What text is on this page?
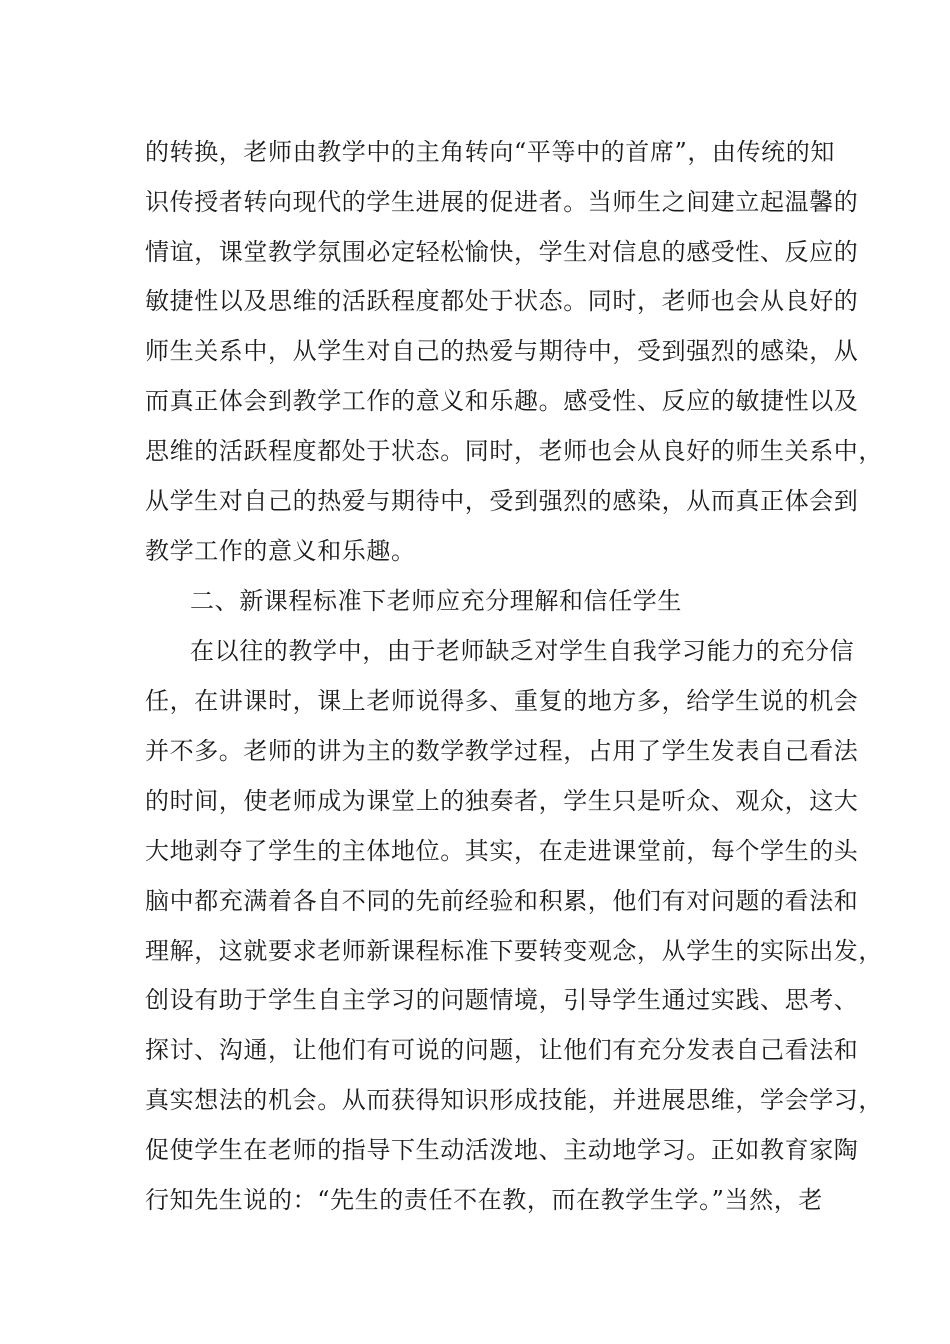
的转换，老师由教学中的主角转向“平等中的首席”，由传统的知
识传授者转向现代的学生进展的促进者。当师生之间建立起温馨的
情谊，课堂教学氛围必定轻松愉快，学生对信息的感受性、反应的
敏捷性以及思维的活跃程度都处于状态。同时，老师也会从良好的
师生关系中，从学生对自己的热爱与期待中，受到强烈的感染，从
而真正体会到教学工作的意义和乐趣。感受性、反应的敏捷性以及
思维的活跃程度都处于状态。同时，老师也会从良好的师生关系中，
从学生对自己的热爱与期待中，受到强烈的感染，从而真正体会到
教学工作的意义和乐趣。
二、新课程标准下老师应充分理解和信任学生
在以往的教学中，由于老师缺乏对学生自我学习能力的充分信
任，在讲课时，课上老师说得多、重复的地方多，给学生说的机会
并不多。老师的讲为主的数学教学过程，占用了学生发表自己看法
的时间，使老师成为课堂上的独奏者，学生只是听众、观众，这大
大地剥夺了学生的主体地位。其实，在走进课堂前，每个学生的头
脑中都充满着各自不同的先前经验和积累，他们有对问题的看法和
理解，这就要求老师新课程标准下要转变观念，从学生的实际出发，
创设有助于学生自主学习的问题情境，引导学生通过实践、思考、
探讨、沟通，让他们有可说的问题，让他们有充分发表自己看法和
真实想法的机会。从而获得知识形成技能，并进展思维，学会学习，
促使学生在老师的指导下生动活泼地、主动地学习。正如教育家陶
行知先生说的：“先生的责任不在教，而在教学生学。”当然，老
